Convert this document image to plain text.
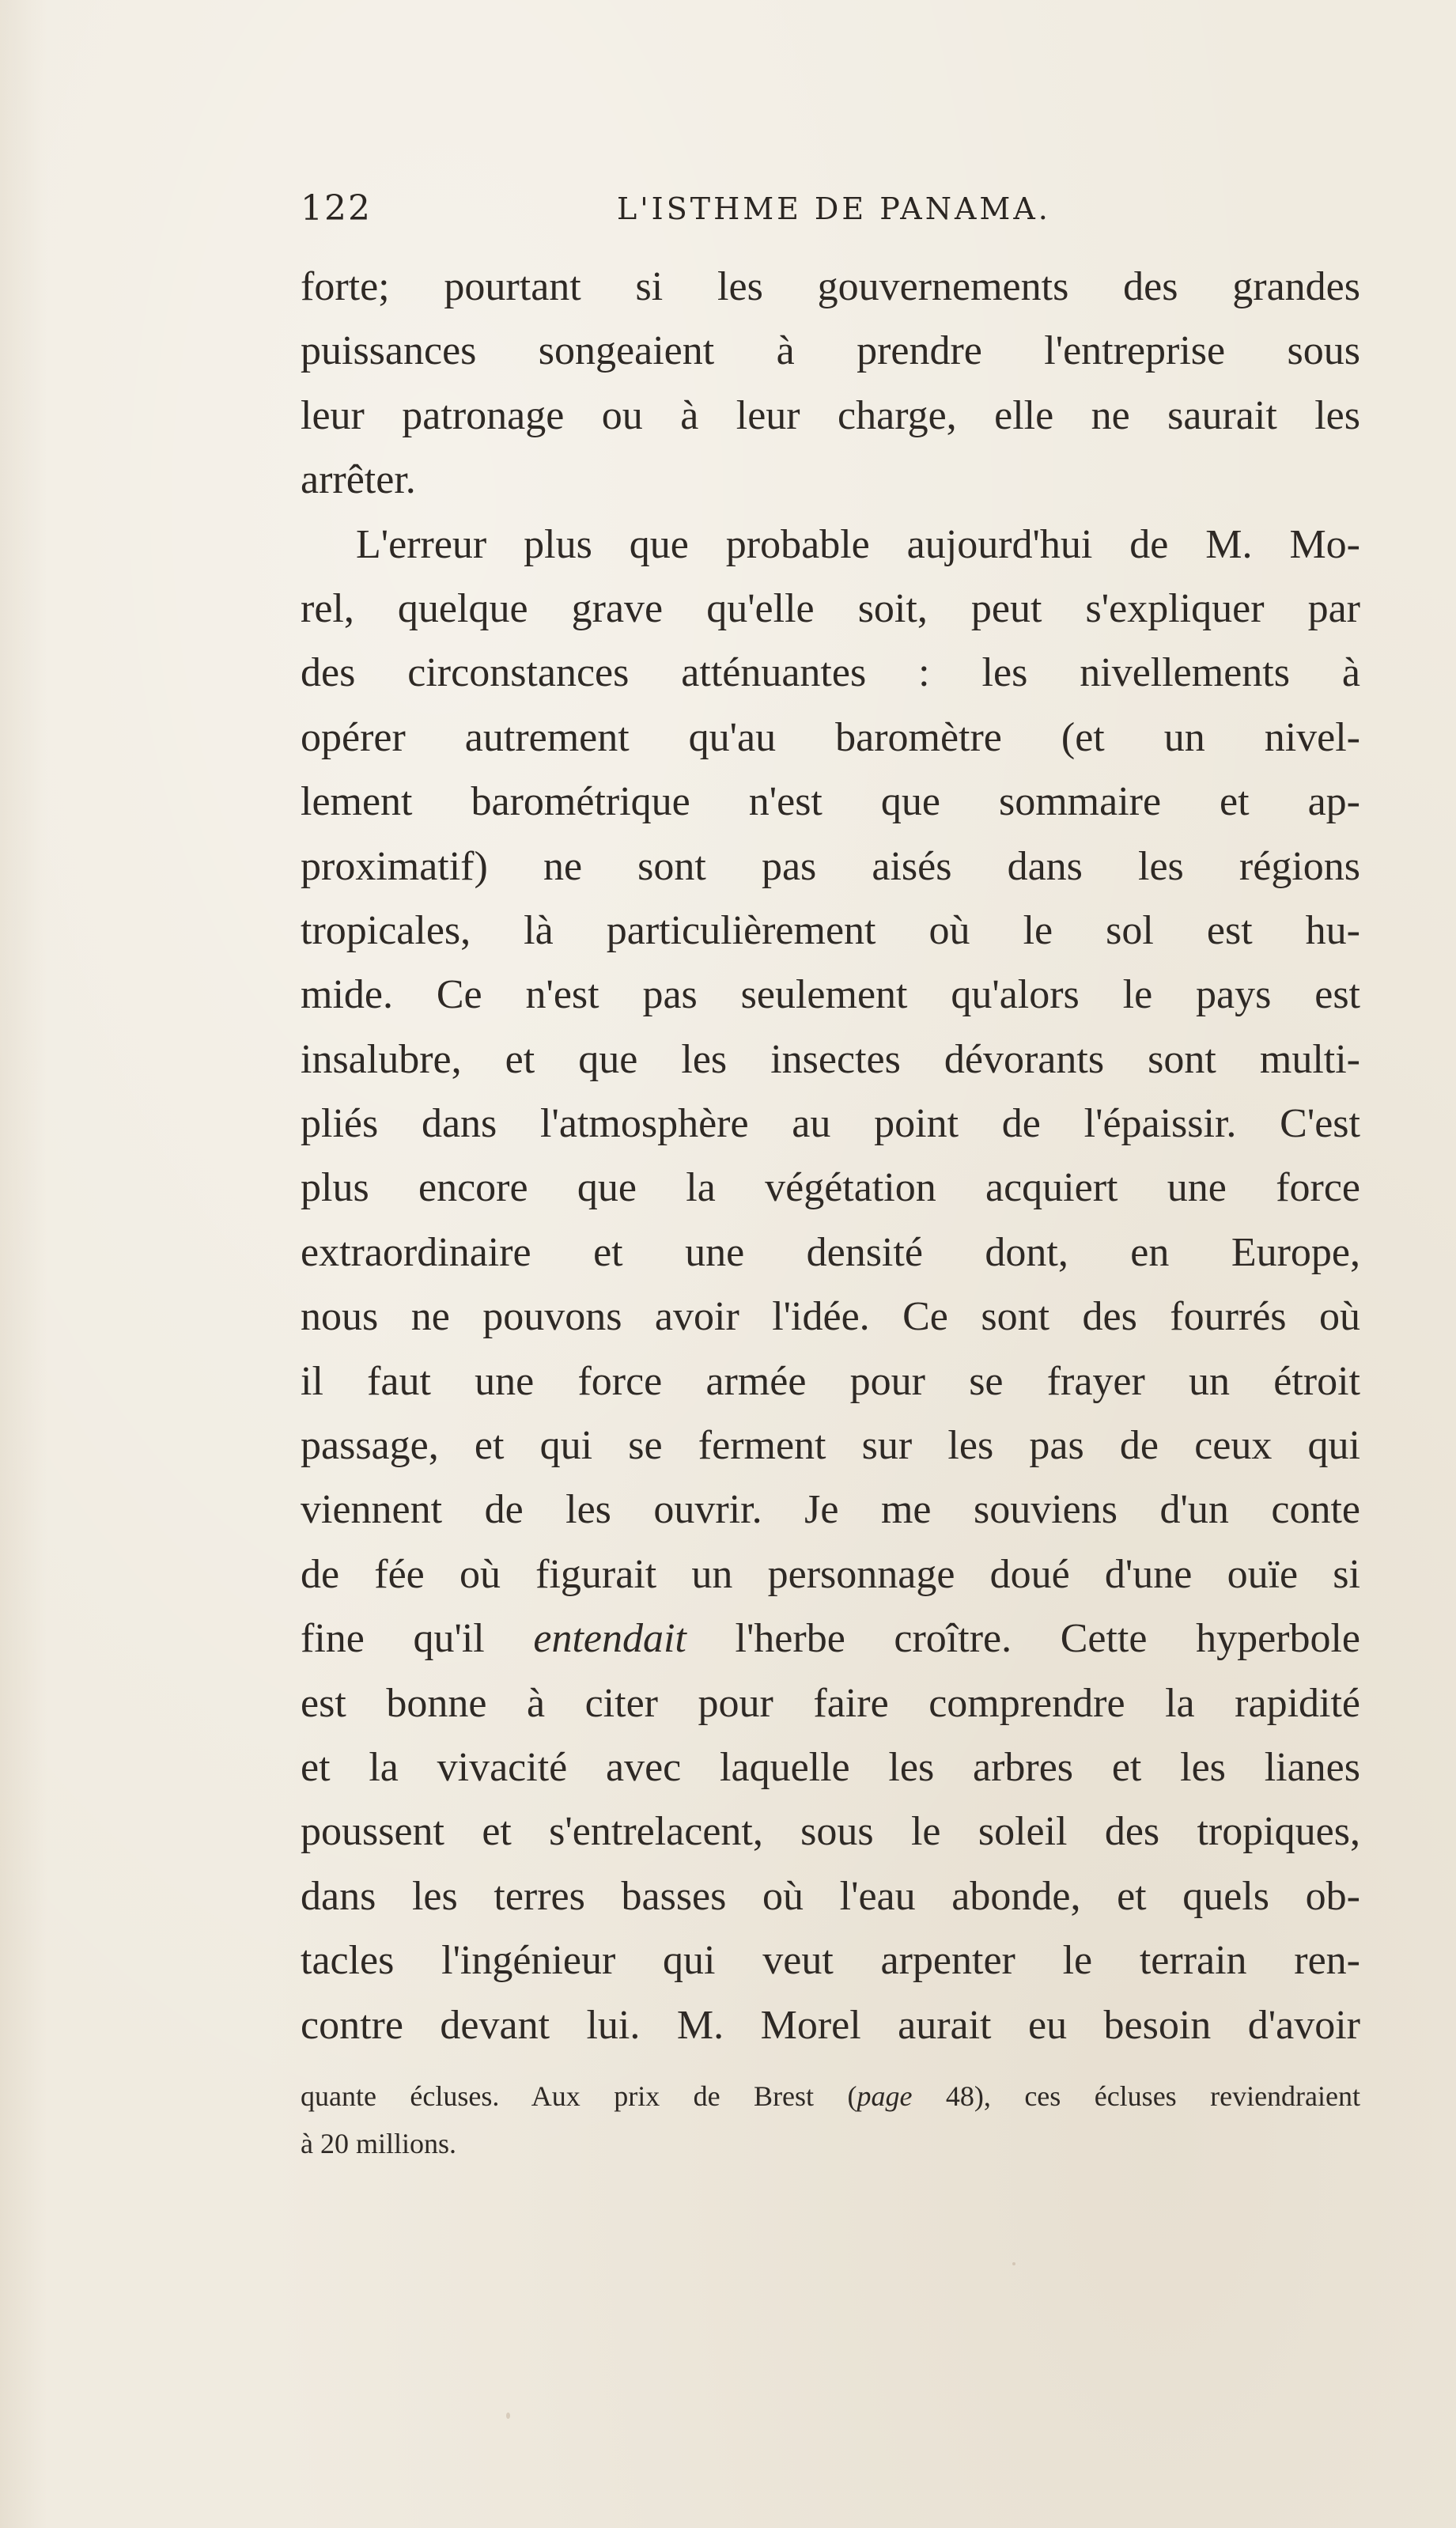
122	L'ISTHME DE PANAMA.
forte; pourtant si les gouvernements des grandes
puissances songeaient à prendre l'entreprise sous
leur patronage ou à leur charge, elle ne saurait les
arrêter.
L'erreur plus que probable aujourd'hui de M. Mo-
rel, quelque grave qu'elle soit, peut s'expliquer par
des circonstances atténuantes : les nivellements à
opérer autrement qu'au baromètre (et un nivel-
lement barométrique n'est que sommaire et ap-
proximatif) ne sont pas aisés dans les régions
tropicales, là particulièrement où le sol est hu-
mide. Ce n'est pas seulement qu'alors le pays est
insalubre, et que les insectes dévorants sont multi-
pliés dans l'atmosphère au point de l'épaissir. C'est
plus encore que la végétation acquiert une force
extraordinaire et une densité dont, en Europe,
nous ne pouvons avoir l'idée. Ce sont des fourrés où
il faut une force armée pour se frayer un étroit
passage, et qui se ferment sur les pas de ceux qui
viennent de les ouvrir. Je me souviens d'un conte
de fée où figurait un personnage doué d'une ouïe si
fine qu'il entendait l'herbe croître. Cette hyperbole
est bonne à citer pour faire comprendre la rapidité
et la vivacité avec laquelle les arbres et les lianes
poussent et s'entrelacent, sous le soleil des tropiques,
dans les terres basses où l'eau abonde, et quels ob-
tacles l'ingénieur qui veut arpenter le terrain ren-
contre devant lui. M. Morel aurait eu besoin d'avoir
quante écluses. Aux prix de Brest (page 48), ces écluses reviendraient
à 20 millions.
